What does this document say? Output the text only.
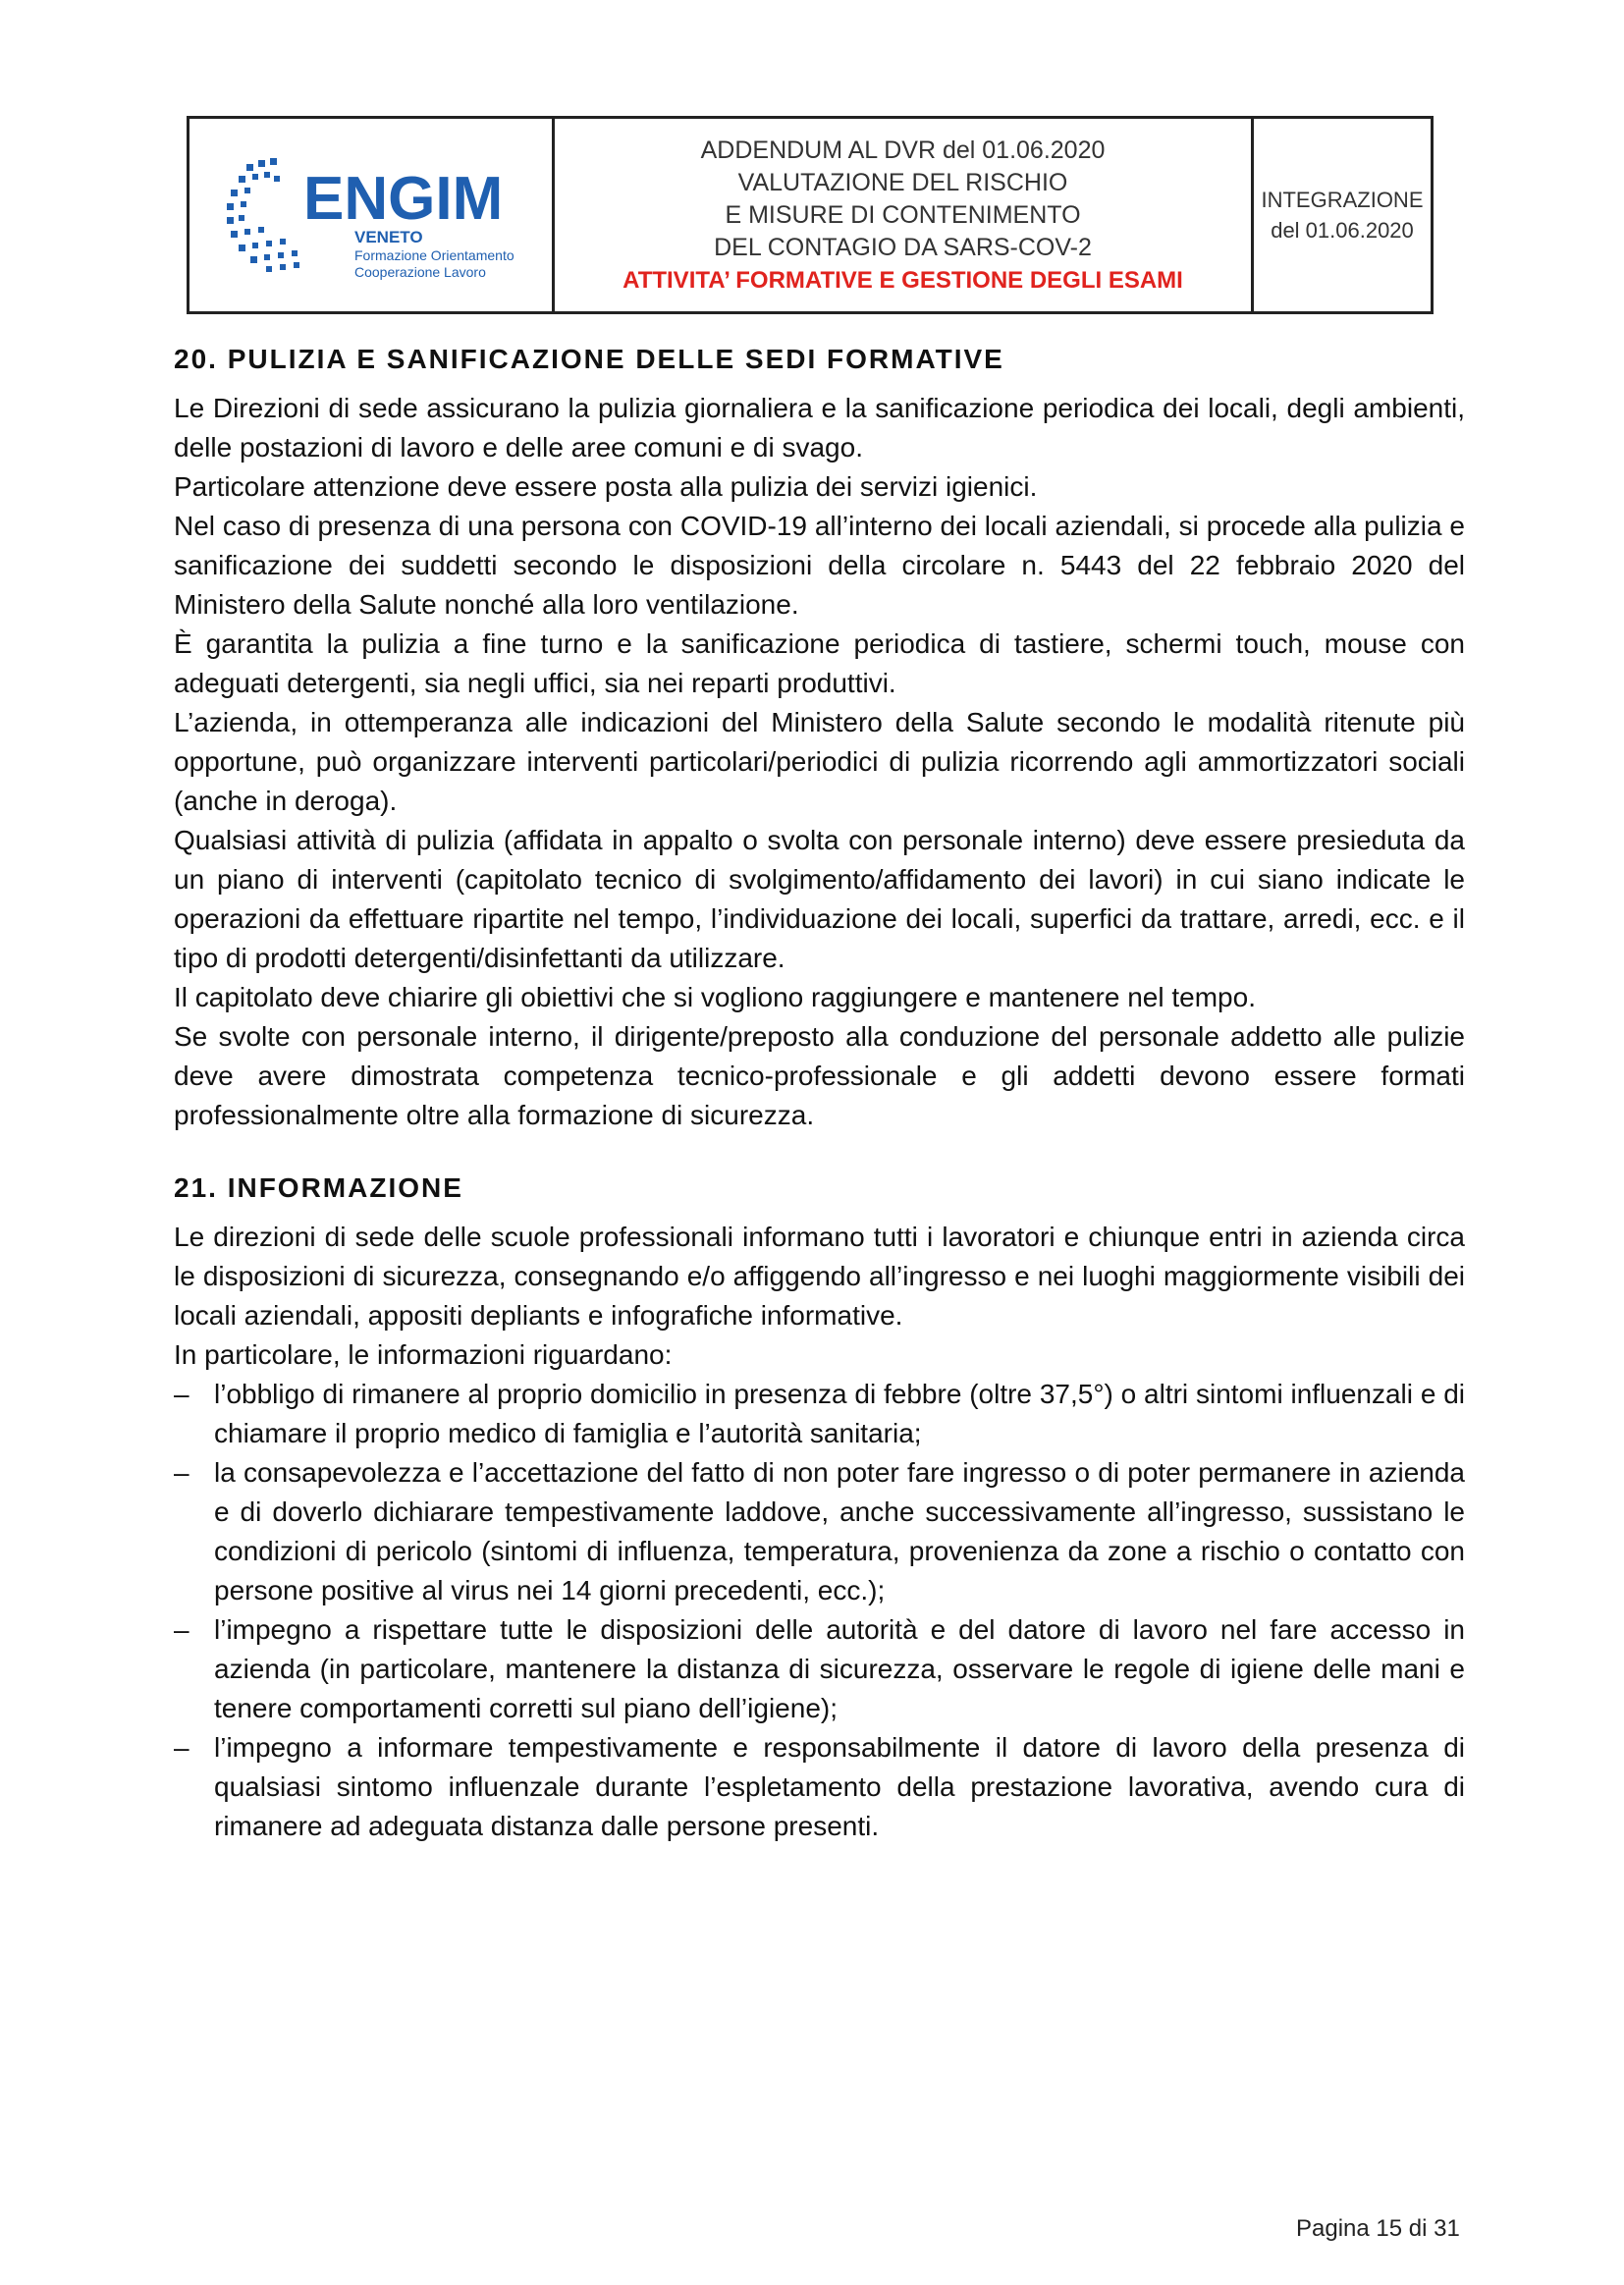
ENGIM
VENETO
Formazione Orientamento
Cooperazione Lavoro
ADDENDUM AL DVR del 01.06.2020
VALUTAZIONE DEL RISCHIO
E MISURE DI CONTENIMENTO
DEL CONTAGIO DA SARS-COV-2
ATTIVITA’ FORMATIVE E GESTIONE DEGLI ESAMI
INTEGRAZIONE
del 01.06.2020
20. PULIZIA E SANIFICAZIONE DELLE SEDI FORMATIVE

Le Direzioni di sede assicurano la pulizia giornaliera e la sanificazione periodica dei locali, degli ambienti, delle postazioni di lavoro e delle aree comuni e di svago.

Particolare attenzione deve essere posta alla pulizia dei servizi igienici.

Nel caso di presenza di una persona con COVID-19 all’interno dei locali aziendali, si procede alla pulizia e sanificazione dei suddetti secondo le disposizioni della circolare n. 5443 del 22 febbraio 2020 del Ministero della Salute nonché alla loro ventilazione.

È garantita la pulizia a fine turno e la sanificazione periodica di tastiere, schermi touch, mouse con adeguati detergenti, sia negli uffici, sia nei reparti produttivi.

L’azienda, in ottemperanza alle indicazioni del Ministero della Salute secondo le modalità ritenute più opportune, può organizzare interventi particolari/periodici di pulizia ricorrendo agli ammortizzatori sociali (anche in deroga).

Qualsiasi attività di pulizia (affidata in appalto o svolta con personale interno) deve essere presieduta da un piano di interventi (capitolato tecnico di svolgimento/affidamento dei lavori) in cui siano indicate le operazioni da effettuare ripartite nel tempo, l’individuazione dei locali, superfici da trattare, arredi, ecc. e il tipo di prodotti detergenti/disinfettanti da utilizzare.

Il capitolato deve chiarire gli obiettivi che si vogliono raggiungere e mantenere nel tempo.

Se svolte con personale interno, il dirigente/preposto alla conduzione del personale addetto alle pulizie deve avere dimostrata competenza tecnico-professionale e gli addetti devono essere formati professionalmente oltre alla formazione di sicurezza.

21. INFORMAZIONE

Le direzioni di sede delle scuole professionali informano tutti i lavoratori e chiunque entri in azienda circa le disposizioni di sicurezza, consegnando e/o affiggendo all’ingresso e nei luoghi maggiormente visibili dei locali aziendali, appositi depliants e infografiche informative.

In particolare, le informazioni riguardano:

– l’obbligo di rimanere al proprio domicilio in presenza di febbre (oltre 37,5°) o altri sintomi influenzali e di chiamare il proprio medico di famiglia e l’autorità sanitaria;
– la consapevolezza e l’accettazione del fatto di non poter fare ingresso o di poter permanere in azienda e di doverlo dichiarare tempestivamente laddove, anche successivamente all’ingresso, sussistano le condizioni di pericolo (sintomi di influenza, temperatura, provenienza da zone a rischio o contatto con persone positive al virus nei 14 giorni precedenti, ecc.);
– l’impegno a rispettare tutte le disposizioni delle autorità e del datore di lavoro nel fare accesso in azienda (in particolare, mantenere la distanza di sicurezza, osservare le regole di igiene delle mani e tenere comportamenti corretti sul piano dell’igiene);
– l’impegno a informare tempestivamente e responsabilmente il datore di lavoro della presenza di qualsiasi sintomo influenzale durante l’espletamento della prestazione lavorativa, avendo cura di rimanere ad adeguata distanza dalle persone presenti.
Pagina 15 di 31
